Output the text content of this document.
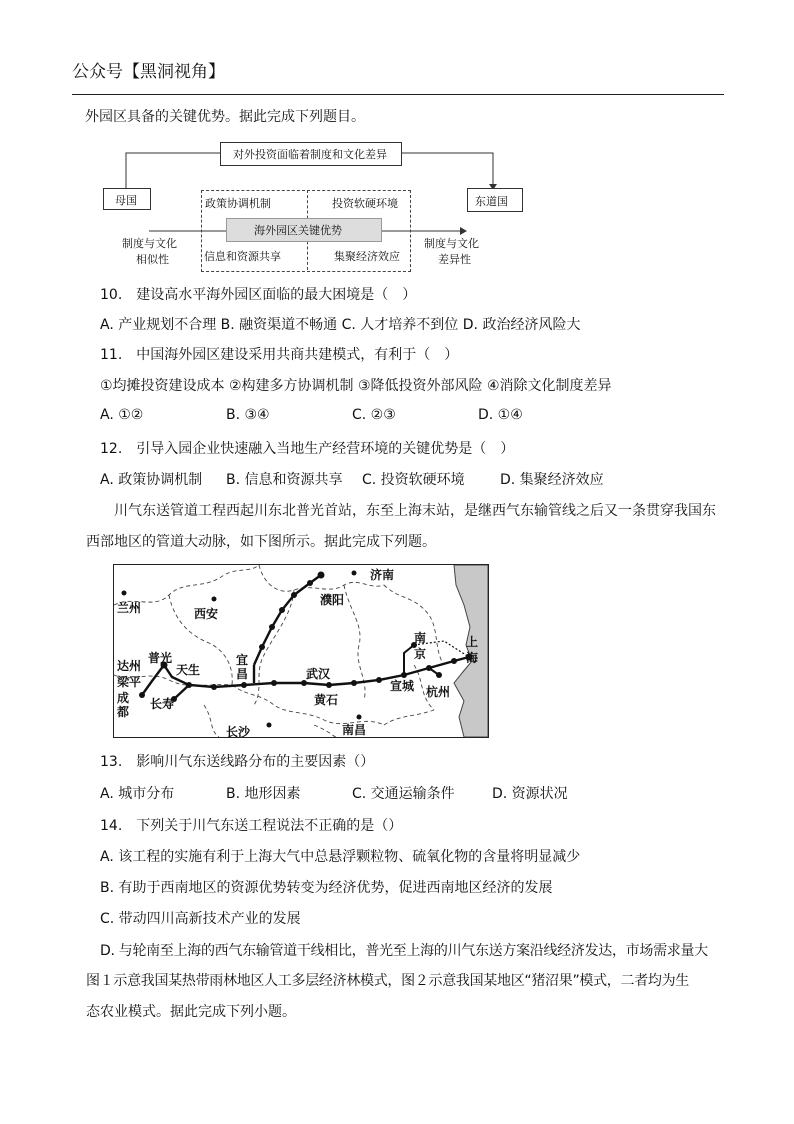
公众号【黑洞视角】
外园区具备的关键优势。据此完成下列题目。
对外投资面临着制度和文化差异
母国	东道国
政策协调机制	投资软硬环境
海外园区关键优势
信息和资源共享	集聚经济效应
制度与文化
相似性
制度与文化
差异性
10.　建设高水平海外园区面临的最大困境是（　）
A. 产业规划不合理 B. 融资渠道不畅通 C. 人才培养不到位 D. 政治经济风险大
11.　中国海外园区建设采用共商共建模式，有利于（　）
①均摊投资建设成本 ②构建多方协调机制 ③降低投资外部风险 ④消除文化制度差异
A. ①②	B. ③④	C. ②③	D. ①④
12.　引导入园企业快速融入当地生产经营环境的关键优势是（　）
A. 政策协调机制 B. 信息和资源共享 C. 投资软硬环境	D. 集聚经济效应
川气东送管道工程西起川东北普光首站，东至上海末站，是继西气东输管线之后又一条贯穿我国东
西部地区的管道大动脉，如下图所示。据此完成下列题。
济南
兰州	西安
濮阳
南
京
上
海
宜
昌
达州
普光
天生
梁平
成
都
长寿
武汉
黄石
宣城 杭州
长沙	南昌
13.　影响川气东送线路分布的主要因素（）
A. 城市分布	B. 地形因素	C. 交通运输条件	D. 资源状况
14.　下列关于川气东送工程说法不正确的是（）
A. 该工程的实施有利于上海大气中总悬浮颗粒物、硫氧化物的含量将明显减少
B. 有助于西南地区的资源优势转变为经济优势，促进西南地区经济的发展
C. 带动四川高新技术产业的发展
D. 与轮南至上海的西气东输管道干线相比，普光至上海的川气东送方案沿线经济发达，市场需求量大
图１示意我国某热带雨林地区人工多层经济林模式，图２示意我国某地区“猪沼果”模式，二者均为生
态农业模式。据此完成下列小题。
